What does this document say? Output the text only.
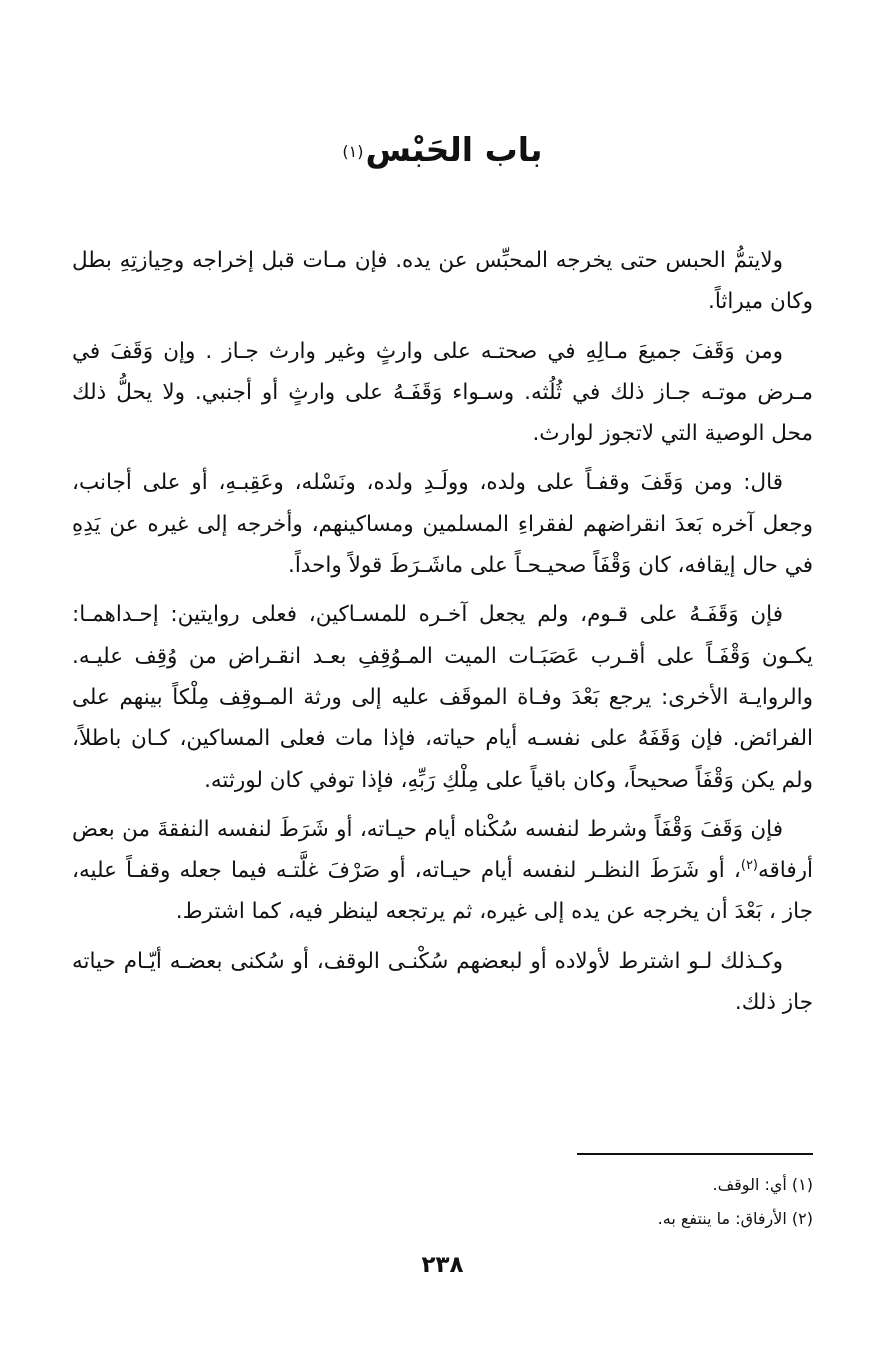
باب الحَبْس$^{(١)}$

ولايتمُّ الحبس حتى يخرجه المحبِّس عن يده. فإن مـات قبل إخراجه وحِيازتِهِ بطل وكان ميراثاً.

ومن وَقَفَ جميعَ مـالِهِ في صحتـه على وارثٍ وغير وارث جـاز . وإن وَقَفَ في مـرض موتـه جـاز ذلك في ثُلُثه. وسـواء وَقَفَـهُ على وارثٍ أو أجنبي. ولا يحلُّ ذلك محل الوصية التي لاتجوز لوارث.

قال: ومن وَقَفَ وقفـاً على ولده، وولَـدِ ولده، ونَسْله، وعَقِبـهِ، أو على أجانب، وجعل آخره بَعدَ انقراضهم لفقراءِ المسلمين ومساكينهم، وأخرجه إلى غيره عن يَدِهِ في حال إيقافه، كان وَقْفَاً صحيـحـاً على ماشَـرَطَ قولاً واحداً.

فإن وَقَفَـهُ على قـوم، ولم يجعل آخـره للمسـاكين، فعلى روايتين: إحـداهمـا: يكـون وَقْفَـاً على أقـرب عَصَبَـات الميت المـوُقِفِ بعـد انقـراض من وُقِف عليـه. والروايـة الأخرى: يرجع بَعْدَ وفـاة الموقَف عليه إلى ورثة المـوقِف مِلْكاً بينهم على الفرائض. فإن وَقَفَهُ على نفسـه أيام حياته، فإذا مات فعلى المساكين، كـان باطلاً، ولم يكن وَقْفَاً صحيحاً، وكان باقياً على مِلْكِ رَبِّهِ، فإذا توفي كان لورثته.

فإن وَقَفَ وَقْفَاً وشرط لنفسه سُكْناه أيام حيـاته، أو شَرَطَ لنفسه النفقةَ من بعض أرفاقه$^{(٢)}$، أو شَرَطَ النظـر لنفسه أيام حيـاته، أو صَرْفَ غلَّتـه فيما جعله وقفـاً عليه، جاز ، بَعْدَ أن يخرجه عن يده إلى غيره، ثم يرتجعه لينظر فيه، كما اشترط.

وكـذلك لـو اشترط لأولاده أو لبعضهم سُكْنـى الوقف، أو سُكنى بعضـه أيّـام حياته جاز ذلك.

(١) أي: الوقف.

(٢) الأرفاق: ما ينتفع به.

٢٣٨
